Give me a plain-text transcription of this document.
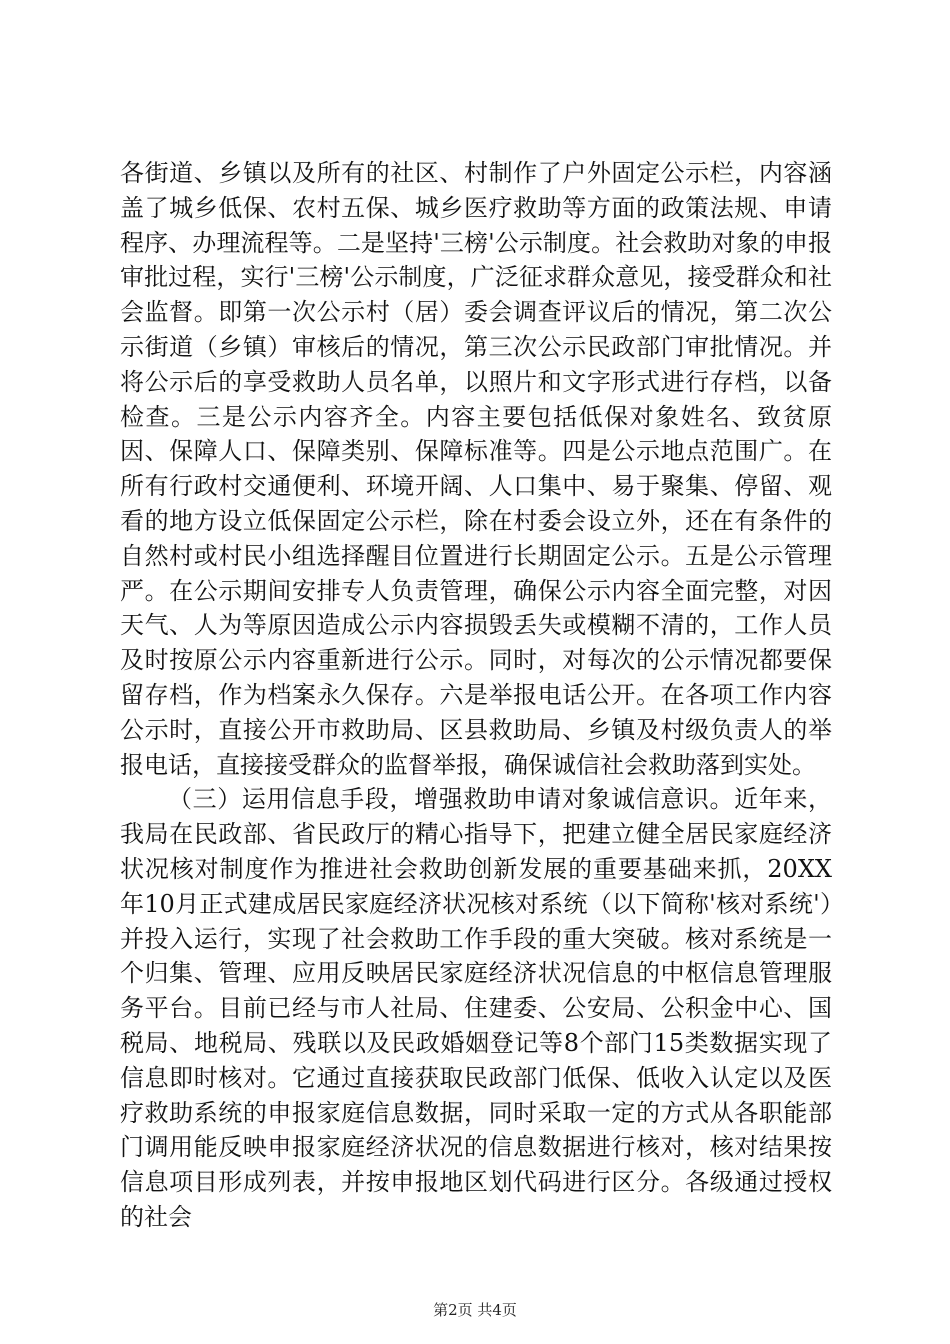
各街道、乡镇以及所有的社区、村制作了户外固定公示栏，内容涵盖了城乡低保、农村五保、城乡医疗救助等方面的政策法规、申请程序、办理流程等。二是坚持'三榜'公示制度。社会救助对象的申报审批过程，实行'三榜'公示制度，广泛征求群众意见，接受群众和社会监督。即第一次公示村（居）委会调查评议后的情况，第二次公示街道（乡镇）审核后的情况，第三次公示民政部门审批情况。并将公示后的享受救助人员名单，以照片和文字形式进行存档，以备检查。三是公示内容齐全。内容主要包括低保对象姓名、致贫原因、保障人口、保障类别、保障标准等。四是公示地点范围广。在所有行政村交通便利、环境开阔、人口集中、易于聚集、停留、观看的地方设立低保固定公示栏，除在村委会设立外，还在有条件的自然村或村民小组选择醒目位置进行长期固定公示。五是公示管理严。在公示期间安排专人负责管理，确保公示内容全面完整，对因天气、人为等原因造成公示内容损毁丢失或模糊不清的，工作人员及时按原公示内容重新进行公示。同时，对每次的公示情况都要保留存档，作为档案永久保存。六是举报电话公开。在各项工作内容公示时，直接公开市救助局、区县救助局、乡镇及村级负责人的举报电话，直接接受群众的监督举报，确保诚信社会救助落到实处。

（三）运用信息手段，增强救助申请对象诚信意识。近年来，我局在民政部、省民政厅的精心指导下，把建立健全居民家庭经济状况核对制度作为推进社会救助创新发展的重要基础来抓，20XX年10月正式建成居民家庭经济状况核对系统（以下简称'核对系统'）并投入运行，实现了社会救助工作手段的重大突破。核对系统是一个归集、管理、应用反映居民家庭经济状况信息的中枢信息管理服务平台。目前已经与市人社局、住建委、公安局、公积金中心、国税局、地税局、残联以及民政婚姻登记等8个部门15类数据实现了信息即时核对。它通过直接获取民政部门低保、低收入认定以及医疗救助系统的申报家庭信息数据，同时采取一定的方式从各职能部门调用能反映申报家庭经济状况的信息数据进行核对，核对结果按信息项目形成列表，并按申报地区划代码进行区分。各级通过授权的社会

第2页 共4页
